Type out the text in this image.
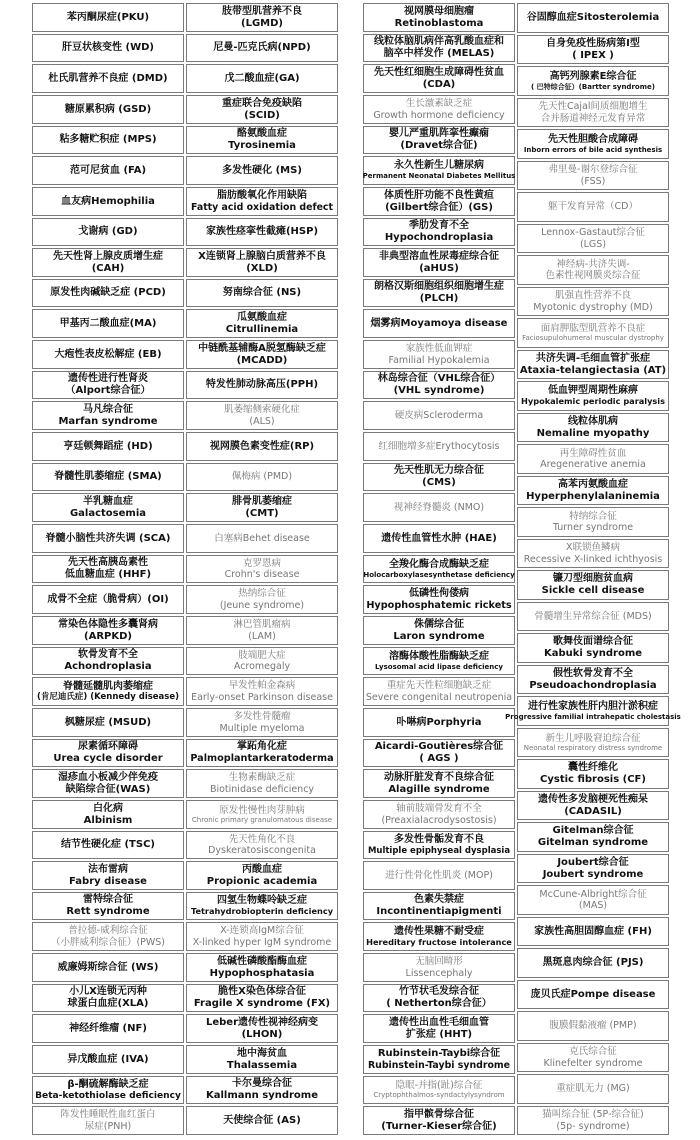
苯丙酮尿症(PKU)
肝豆状核变性 (WD)
杜氏肌营养不良症 (DMD)
糖原累积病 (GSD)
粘多糖贮积症 (MPS)
范可尼贫血 (FA)
血友病Hemophilia
戈谢病 (GD)
先天性肾上腺皮质增生症
(CAH)
原发性肉碱缺乏症 (PCD)
甲基丙二酸血症(MA)
大疱性表皮松解症 (EB)
遗传性进行性肾炎
（Alport综合征）
马凡综合征
Marfan syndrome
亨廷顿舞蹈症 (HD)
脊髓性肌萎缩症 (SMA)
半乳糖血症
Galactosemia
脊髓小脑性共济失调 (SCA)
先天性高胰岛素性
低血糖血症 (HHF)
成骨不全症（脆骨病）(OI)
常染色体隐性多囊肾病
(ARPKD)
软骨发育不全
Achondroplasia
脊髓延髓肌肉萎缩症
(肯尼迪氏症) (Kennedy disease)
枫糖尿症 (MSUD)
尿素循环障碍
Urea cycle disorder
湿疹血小板减少伴免疫
缺陷综合征(WAS)
白化病
Albinism
结节性硬化症 (TSC)
法布雷病
Fabry disease
雷特综合征
Rett syndrome
普拉德-威利综合征
（小胖威利综合征）(PWS)
威廉姆斯综合征 (WS)
小儿X连锁无丙种
球蛋白血症(XLA)
神经纤维瘤 (NF)
异戊酸血症 (IVA)
β-酮硫解酶缺乏症
Beta-ketothiolase deficiency
阵发性睡眠性血红蛋白
尿症(PNH)
肢带型肌营养不良
(LGMD)
尼曼-匹克氏病(NPD)
戊二酸血症(GA)
重症联合免疫缺陷
(SCID)
酪氨酸血症
Tyrosinemia
多发性硬化 (MS)
脂肪酸氧化作用缺陷
Fatty acid oxidation defect
家族性痉挛性截瘫(HSP)
X连锁肾上腺脑白质营养不良
(XLD)
努南综合征 (NS)
瓜氨酸血症
Citrullinemia
中链酰基辅酶A脱氢酶缺乏症
(MCADD)
特发性肺动脉高压(PPH)
肌萎缩侧索硬化症
(ALS)
视网膜色素变性症(RP)
佩梅病 (PMD)
腓骨肌萎缩症
(CMT)
白塞病Behet disease
克罗恩病
Crohn's disease
热纳综合征
(Jeune syndrome)
淋巴管肌瘤病
(LAM)
肢端肥大症
Acromegaly
早发性帕金森病
Early-onset Parkinson disease
多发性骨髓瘤
Multiple myeloma
掌跖角化症
Palmoplantarkeratoderma
生物素酶缺乏症
Biotinidase deficiency
原发性慢性肉芽肿病
Chronic primary granulomatous disease
先天性角化不良
Dyskeratosiscongenita
丙酸血症
Propionic academia
四氢生物蝶呤缺乏症
Tetrahydrobiopterin deficiency
X-连锁高IgM综合征
X-linked hyper IgM syndrome
低碱性磷酸酯酶血症
Hypophosphatasia
脆性X染色体综合征
Fragile X syndrome (FX)
Leber遗传性视神经病变
(LHON)
地中海贫血
Thalassemia
卡尔曼综合征
Kallmann syndrome
天使综合征 (AS)
视网膜母细胞瘤
Retinoblastoma
线粒体脑肌病伴高乳酸血症和
脑卒中样发作 (MELAS)
先天性红细胞生成障碍性贫血
(CDA)
生长激素缺乏症
Growth hormone deficiency
婴儿严重肌阵挛性癫痫
(Dravet综合征)
永久性新生儿糖尿病
Permanent Neonatal Diabetes Mellitus
体质性肝功能不良性黄疸
(Gilbert综合征）(GS)
季肋发育不全
Hypochondroplasia
非典型溶血性尿毒症综合征
(aHUS)
朗格汉斯细胞组织细胞增生症
(PLCH)
烟雾病Moyamoya disease
家族性低血钾症
Familial Hypokalemia
林岛综合征（VHL综合征）
(VHL syndrome)
硬皮病Scleroderma
红细胞増多症Erythocytosis
先天性肌无力综合征
(CMS)
视神经脊髓炎 (NMO)
遗传性血管性水肿 (HAE)
全羧化酶合成酶缺乏症
Holocarboxylasesynthetase deficiency
低磷性佝偻病
Hypophosphatemic rickets
侏儒综合征
Laron syndrome
溶酶体酸性脂酶缺乏症
Lysosomal acid lipase deficiency
重症先天性粒细胞缺乏症
Severe congenital neutropenia
卟啉病Porphyria
Aicardi-Goutières综合征
( AGS )
动脉肝脏发育不良综合征
Alagille syndrome
轴前肢端骨发育不全
(Preaxialacrodysostosis)
多发性骨骺发育不良
Multiple epiphyseal dysplasia
进行性骨化性肌炎 (MOP)
色素失禁症
Incontinentiapigmenti
遗传性果糖不耐受症
Hereditary fructose intolerance
无脑回畸形
Lissencephaly
竹节状毛发综合征
( Netherton综合征）
遗传性出血性毛细血管
扩张症 (HHT)
Rubinstein-Taybi综合征
Rubinstein-Taybi syndrome
隐眼-并指(趾)综合征
Cryptophthalmos-syndactylysyndrom
指甲髌骨综合征
(Turner-Kieser综合征)
谷固醇血症Sitosterolemia
自身免疫性肠病第Ⅰ型
( IPEX )
高钙列腺素E综合征
( 巴特综合征）(Bartter syndrome)
先天性Cajal间质细胞增生
合并肠道神经元发育异常
先天性胆酸合成障碍
Inborn errors of bile acid synthesis
弗里曼-谢尔登综合征
(FSS)
躯干发育异常（CD）
Lennox-Gastaut综合征
(LGS)
神经病-共济失调-
色素性视网膜炎综合征
肌强直性营养不良
Myotonic dystrophy (MD)
面肩胛肱型肌营养不良症
Faciosupulohumeral muscular dystrophy
共济失调-毛细血管扩张症
Ataxia-telangiectasia (AT)
低血钾型周期性麻痹
Hypokalemic periodic paralysis
线粒体肌病
Nemaline myopathy
再生障碍性贫血
Aregenerative anemia
高苯丙氨酸血症
Hyperphenylalaninemia
特纳综合征
Turner syndrome
X联锁鱼鳞病
Recessive X-linked ichthyosis
镰刀型细胞贫血病
Sickle cell disease
骨髓增生异常综合征 (MDS)
歌舞伎面谱综合征
Kabuki syndrome
假性软骨发育不全
Pseudoachondroplasia
进行性家族性肝内胆汁淤积症
Progressive familial intrahepatic cholestasis
新生儿呼吸窘迫综合征
Neonatal respiratory distress syndrome
囊性纤维化
Cystic fibrosis (CF)
遗传性多发脑梗死性痴呆
(CADASIL)
Gitelman综合征
Gitelman syndrome
Joubert综合征
Joubert syndrome
McCune-Albright综合征
(MAS)
家族性高胆固醇血症 (FH)
黑斑息肉综合征 (PJS)
庞贝氏症Pompe disease
腹膜假黏液瘤 (PMP)
克氏综合征
Klinefelter syndrome
重症肌无力 (MG)
猫叫综合征 (5P-综合征)
(5p- syndrome)
